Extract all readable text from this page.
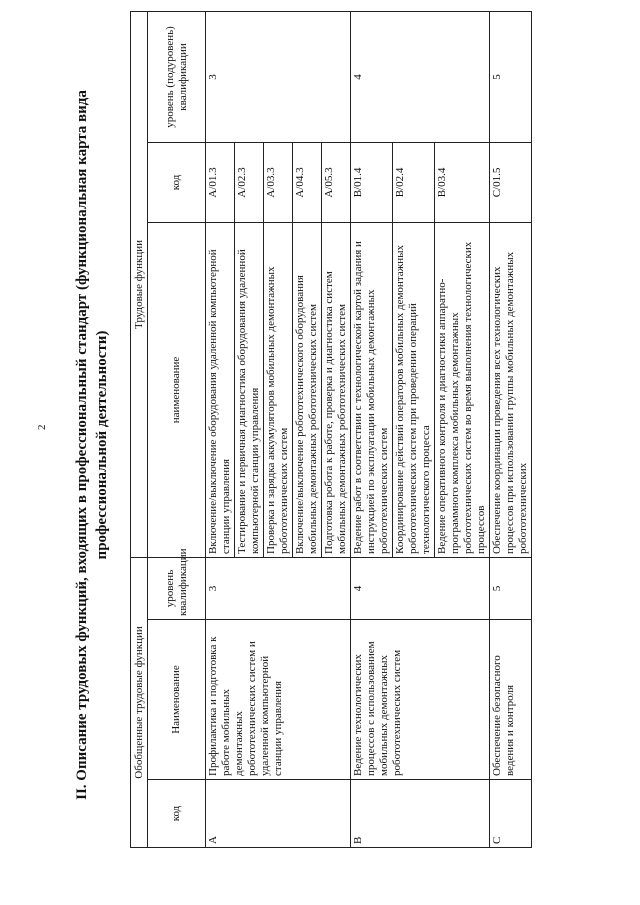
2 II. Описание трудовых функций, входящих в профессиональный стандарт (функциональная карта вида профессиональной деятельности)
Обобщенные трудовые функции			Трудовые функции		
код	Наименование	уровень квалификации	наименование	код	уровень (подуровень) квалификации
A	Профилактика и подготовка к работе мобильных демонтажных робототехнических систем и удаленной компьютерной станции управления	3	Включение/выключение оборудования удаленной компьютерной станции управления	A/01.3	3
			Тестирование и первичная диагностика оборудования удаленной компьютерной станции управления	A/02.3	
			Проверка и зарядка аккумуляторов мобильных демонтажных робототехнических систем	A/03.3	
			Включение/выключение робототехнического оборудования мобильных демонтажных робототехнических систем	A/04.3	
			Подготовка робота к работе, проверка и диагностика систем мобильных демонтажных робототехнических систем	A/05.3	
B	Ведение технологических процессов с использованием мобильных демонтажных робототехнических систем	4	Ведение работ в соответствии с технологической картой задания и инструкцией по эксплуатации мобильных демонтажных робототехнических систем	B/01.4	4
			Координирование действий операторов мобильных демонтажных робототехнических систем при проведении операций технологического процесса	B/02.4	
			Ведение оперативного контроля и диагностики аппаратно-программного комплекса мобильных демонтажных робототехнических систем во время выполнения технологических процессов	B/03.4	
C	Обеспечение безопасного ведения и контроля	5	Обеспечение координации проведения всех технологических процессов при использовании группы мобильных демонтажных робототехнических	C/01.5	5
